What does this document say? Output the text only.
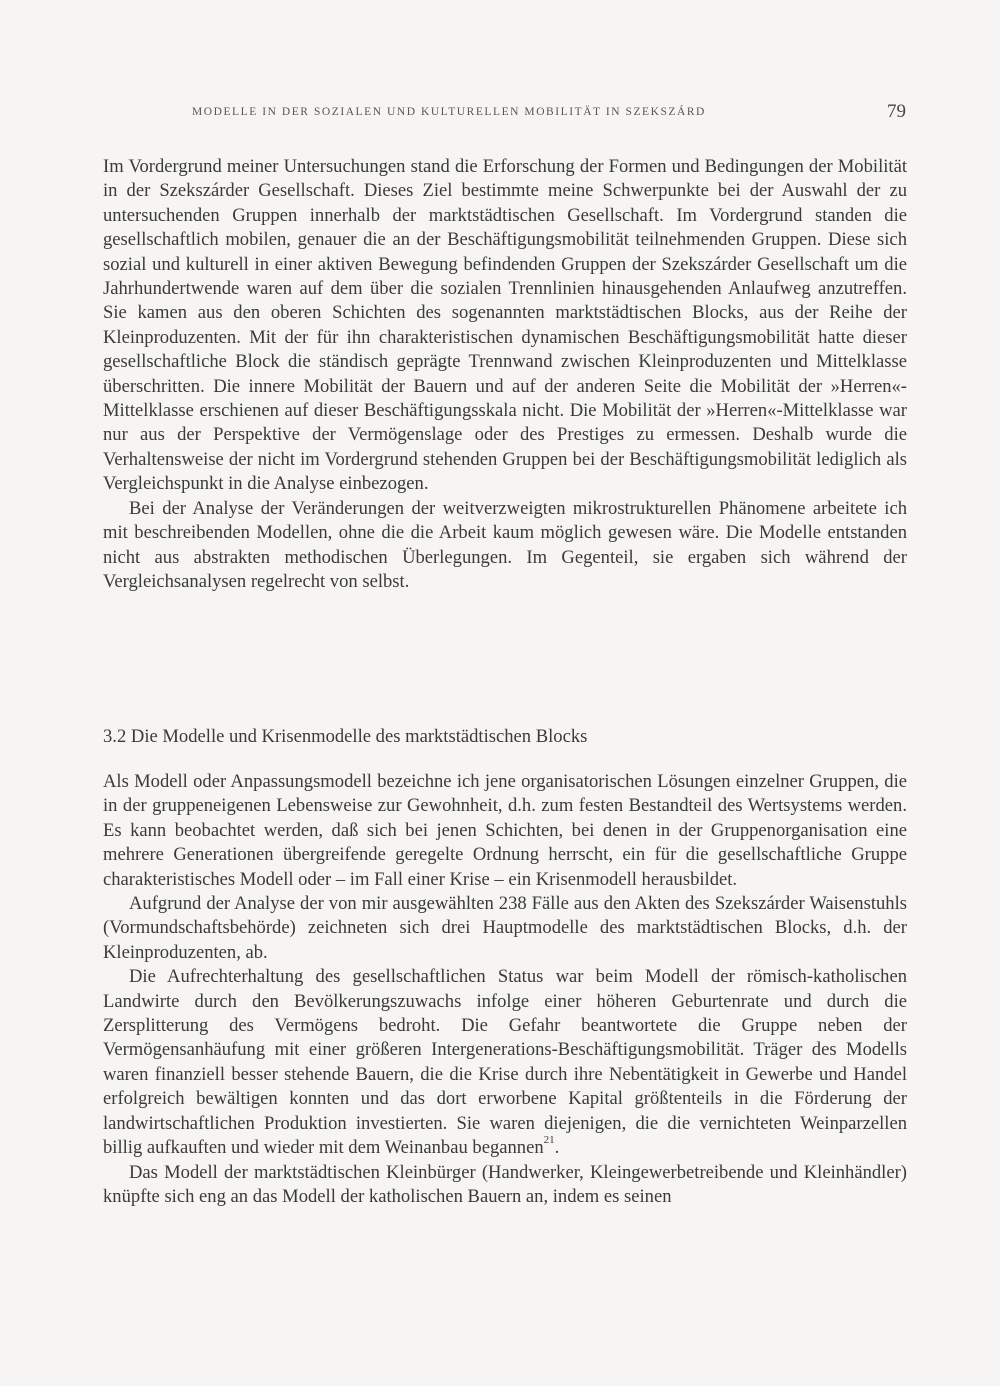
MODELLE IN DER SOZIALEN UND KULTURELLEN MOBILITÄT IN SZEKSZÁRD	79

Im Vordergrund meiner Untersuchungen stand die Erforschung der Formen und Bedingungen der Mobilität in der Szekszárder Gesellschaft. Dieses Ziel bestimmte meine Schwerpunkte bei der Auswahl der zu untersuchenden Gruppen innerhalb der marktstädtischen Gesellschaft. Im Vordergrund standen die gesellschaftlich mobilen, genauer die an der Beschäftigungsmobilität teilnehmenden Gruppen. Diese sich sozial und kulturell in einer aktiven Bewegung befindenden Gruppen der Szekszárder Gesellschaft um die Jahrhundertwende waren auf dem über die sozialen Trennlinien hinausgehenden Anlaufweg anzutreffen. Sie kamen aus den oberen Schichten des sogenannten marktstädtischen Blocks, aus der Reihe der Kleinproduzenten. Mit der für ihn charakteristischen dynamischen Beschäftigungsmobilität hatte dieser gesellschaftliche Block die ständisch geprägte Trennwand zwischen Kleinproduzenten und Mittelklasse überschritten. Die innere Mobilität der Bauern und auf der anderen Seite die Mobilität der »Herren«-Mittelklasse erschienen auf dieser Beschäftigungsskala nicht. Die Mobilität der »Herren«-Mittelklasse war nur aus der Perspektive der Vermögenslage oder des Prestiges zu ermessen. Deshalb wurde die Verhaltensweise der nicht im Vordergrund stehenden Gruppen bei der Beschäftigungsmobilität lediglich als Vergleichspunkt in die Analyse einbezogen.

Bei der Analyse der Veränderungen der weitverzweigten mikrostrukturellen Phänomene arbeitete ich mit beschreibenden Modellen, ohne die die Arbeit kaum möglich gewesen wäre. Die Modelle entstanden nicht aus abstrakten methodischen Überlegungen. Im Gegenteil, sie ergaben sich während der Vergleichsanalysen regelrecht von selbst.

3.2 Die Modelle und Krisenmodelle des marktstädtischen Blocks

Als Modell oder Anpassungsmodell bezeichne ich jene organisatorischen Lösungen einzelner Gruppen, die in der gruppeneigenen Lebensweise zur Gewohnheit, d.h. zum festen Bestandteil des Wertsystems werden. Es kann beobachtet werden, daß sich bei jenen Schichten, bei denen in der Gruppenorganisation eine mehrere Generationen übergreifende geregelte Ordnung herrscht, ein für die gesellschaftliche Gruppe charakteristisches Modell oder – im Fall einer Krise – ein Krisenmodell herausbildet.

Aufgrund der Analyse der von mir ausgewählten 238 Fälle aus den Akten des Szekszárder Waisenstuhls (Vormundschaftsbehörde) zeichneten sich drei Hauptmodelle des marktstädtischen Blocks, d.h. der Kleinproduzenten, ab.

Die Aufrechterhaltung des gesellschaftlichen Status war beim Modell der römisch-katholischen Landwirte durch den Bevölkerungszuwachs infolge einer höheren Geburtenrate und durch die Zersplitterung des Vermögens bedroht. Die Gefahr beantwortete die Gruppe neben der Vermögensanhäufung mit einer größeren Intergenerations-Beschäftigungsmobilität. Träger des Modells waren finanziell besser stehende Bauern, die die Krise durch ihre Nebentätigkeit in Gewerbe und Handel erfolgreich bewältigen konnten und das dort erworbene Kapital größtenteils in die Förderung der landwirtschaftlichen Produktion investierten. Sie waren diejenigen, die die vernichteten Weinparzellen billig aufkauften und wieder mit dem Weinanbau begannen$^{21}$.

Das Modell der marktstädtischen Kleinbürger (Handwerker, Kleingewerbetreibende und Kleinhändler) knüpfte sich eng an das Modell der katholischen Bauern an, indem es seinen
